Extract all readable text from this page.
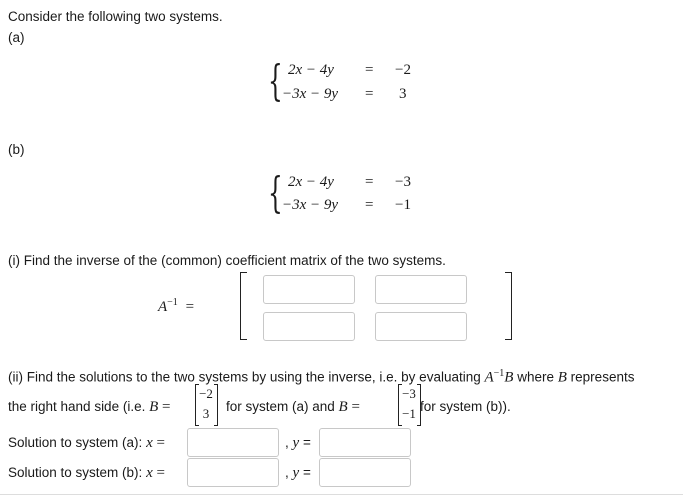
Consider the following two systems.
(a)
{ 2x − 4y = −2
−3x − 9y = 3
(b)
{ 2x − 4y = −3
−3x − 9y = −1
(i) Find the inverse of the (common) coefficient matrix of the two systems.
$A^{-1}$ =
(ii) Find the solutions to the two systems by using the inverse, i.e. by evaluating $A^{-1}B$ where B represents
the right hand side (i.e. B =
−2
3 for system (a) and B =
−3
−1 for system (b)).
Solution to system (a): x =	, y =
Solution to system (b): x =	, y =
